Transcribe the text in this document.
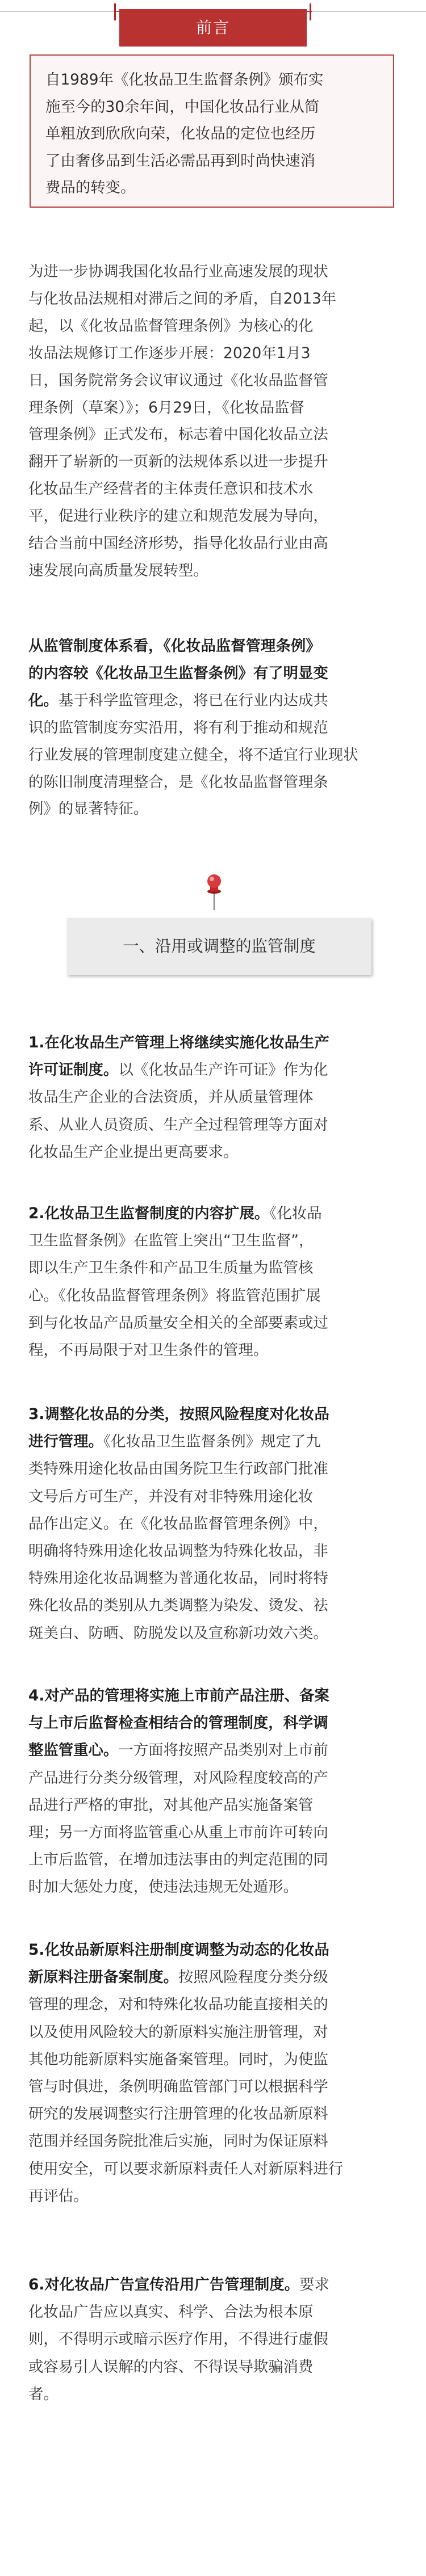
前言
自1989年《化妆品卫生监督条例》颁布实
施至今的30余年间，中国化妆品行业从简
单粗放到欣欣向荣，化妆品的定位也经历
了由奢侈品到生活必需品再到时尚快速消
费品的转变。
为进一步协调我国化妆品行业高速发展的现状
与化妆品法规相对滞后之间的矛盾，自2013年
起，以《化妆品监督管理条例》为核心的化
妆品法规修订工作逐步开展：2020年1月3
日，国务院常务会议审议通过《化妆品监督管
理条例（草案）》；6月29日，《化妆品监督
管理条例》正式发布，标志着中国化妆品立法
翻开了崭新的一页新的法规体系以进一步提升
化妆品生产经营者的主体责任意识和技术水
平，促进行业秩序的建立和规范发展为导向，
结合当前中国经济形势，指导化妆品行业由高
速发展向高质量发展转型。
从监管制度体系看，《化妆品监督管理条例》
的内容较《化妆品卫生监督条例》有了明显变
化。基于科学监管理念，将已在行业内达成共
识的监管制度夯实沿用，将有利于推动和规范
行业发展的管理制度建立健全，将不适宜行业现状
的陈旧制度清理整合，是《化妆品监督管理条
例》的显著特征。
一、沿用或调整的监管制度
1.在化妆品生产管理上将继续实施化妆品生产
许可证制度。以《化妆品生产许可证》作为化
妆品生产企业的合法资质，并从质量管理体
系、从业人员资质、生产全过程管理等方面对
化妆品生产企业提出更高要求。
2.化妆品卫生监督制度的内容扩展。《化妆品
卫生监督条例》在监管上突出“卫生监督”，
即以生产卫生条件和产品卫生质量为监管核
心。《化妆品监督管理条例》将监管范围扩展
到与化妆品产品质量安全相关的全部要素或过
程，不再局限于对卫生条件的管理。
3.调整化妆品的分类，按照风险程度对化妆品
进行管理。《化妆品卫生监督条例》规定了九
类特殊用途化妆品由国务院卫生行政部门批准
文号后方可生产，并没有对非特殊用途化妆
品作出定义。在《化妆品监督管理条例》中，
明确将特殊用途化妆品调整为特殊化妆品，非
特殊用途化妆品调整为普通化妆品，同时将特
殊化妆品的类别从九类调整为染发、烫发、祛
斑美白、防晒、防脱发以及宣称新功效六类。
4.对产品的管理将实施上市前产品注册、备案
与上市后监督检查相结合的管理制度，科学调
整监管重心。一方面将按照产品类别对上市前
产品进行分类分级管理，对风险程度较高的产
品进行严格的审批，对其他产品实施备案管
理；另一方面将监管重心从重上市前许可转向
上市后监管，在增加违法事由的判定范围的同
时加大惩处力度，使违法违规无处遁形。
5.化妆品新原料注册制度调整为动态的化妆品
新原料注册备案制度。按照风险程度分类分级
管理的理念，对和特殊化妆品功能直接相关的
以及使用风险较大的新原料实施注册管理，对
其他功能新原料实施备案管理。同时，为使监
管与时俱进，条例明确监管部门可以根据科学
研究的发展调整实行注册管理的化妆品新原料
范围并经国务院批准后实施，同时为保证原料
使用安全，可以要求新原料责任人对新原料进行
再评估。
6.对化妆品广告宣传沿用广告管理制度。要求
化妆品广告应以真实、科学、合法为根本原
则，不得明示或暗示医疗作用，不得进行虚假
或容易引人误解的内容、不得误导欺骗消费
者。
